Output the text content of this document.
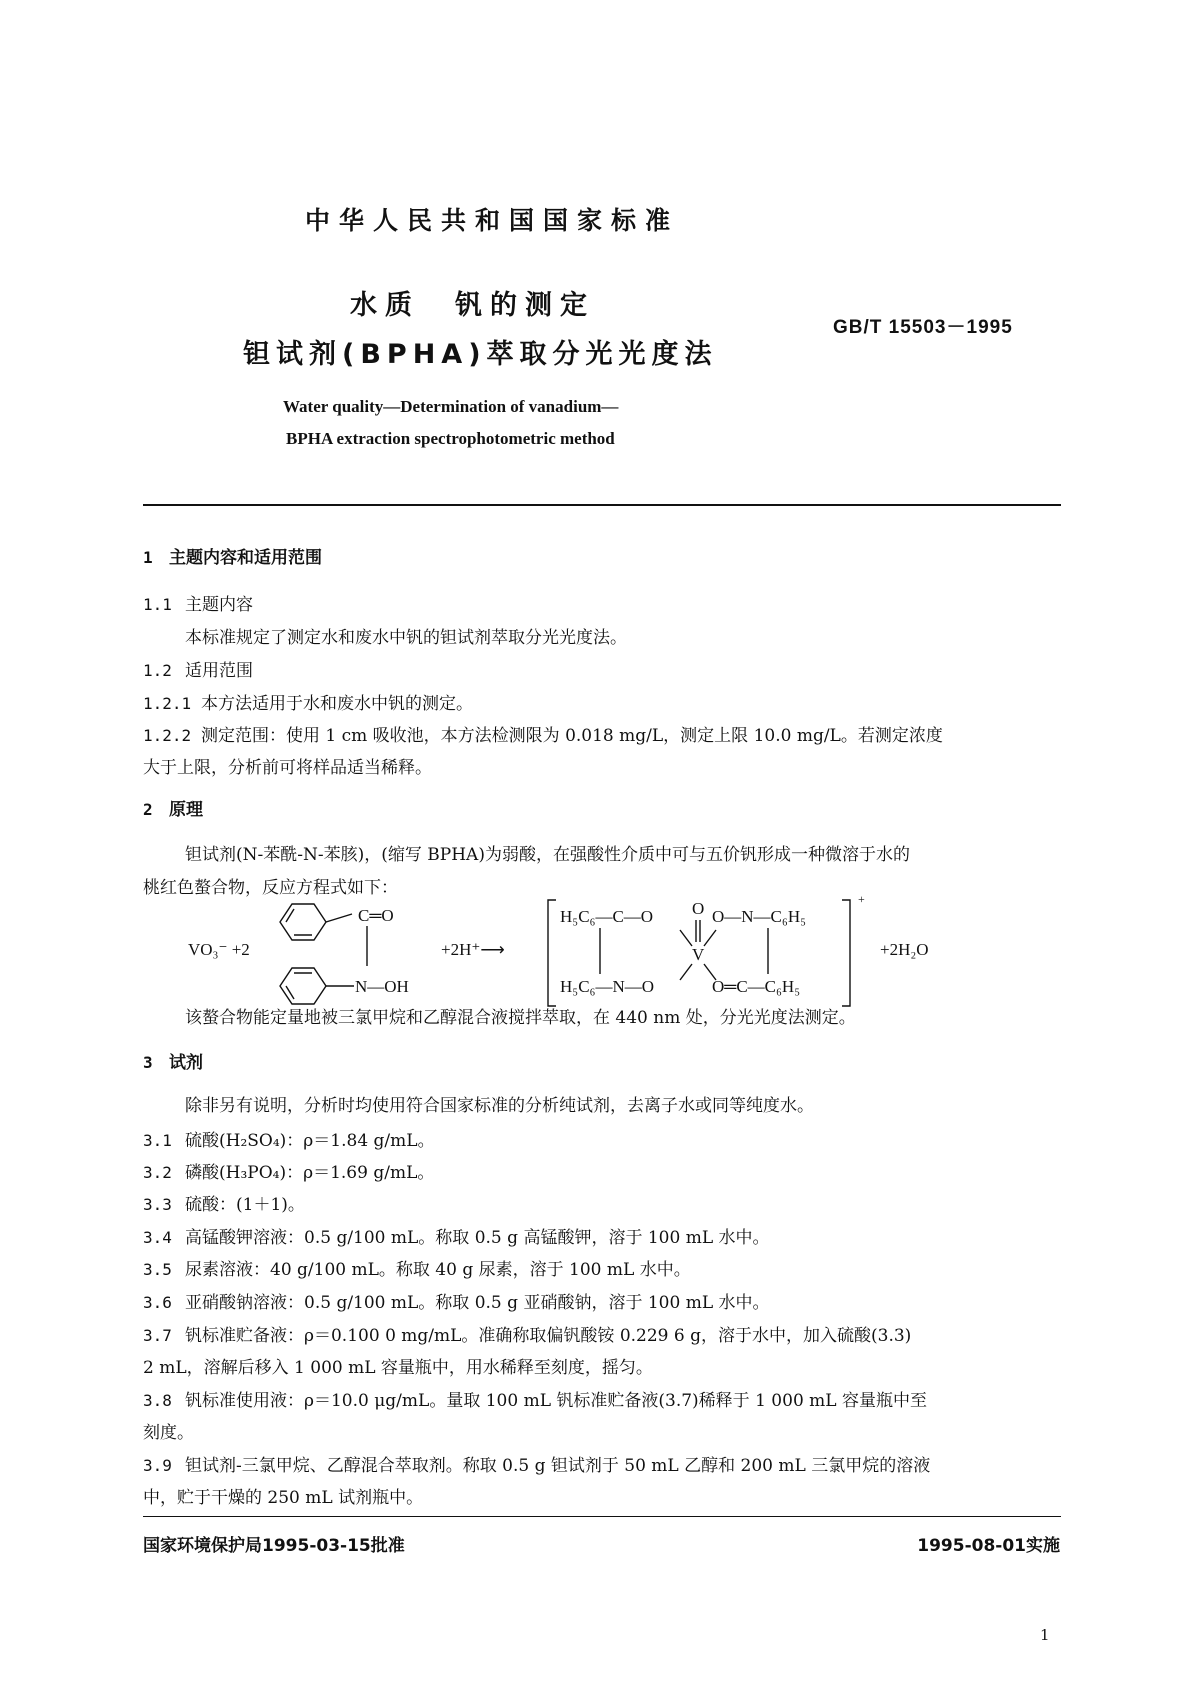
中华人民共和国国家标准
水质　钒的测定
钽试剂(BPHA)萃取分光光度法
GB/T 15503－1995
Water quality—Determination of vanadium—
BPHA extraction spectrophotometric method
1 主题内容和适用范围
1.1 主题内容
本标准规定了测定水和废水中钒的钽试剂萃取分光光度法。
1.2 适用范围
1.2.1 本方法适用于水和废水中钒的测定。
1.2.2 测定范围：使用 1 cm 吸收池，本方法检测限为 0.018 mg/L，测定上限 10.0 mg/L。若测定浓度
大于上限，分析前可将样品适当稀释。
2 原理
钽试剂(N-苯酰-N-苯胲)，(缩写 BPHA)为弱酸，在强酸性介质中可与五价钒形成一种微溶于水的
桃红色螯合物，反应方程式如下：
VO₃⁻ +2
C═O
N—OH
+2H⁺⟶
H₅C₆—C—O O O—N—C₆H₅
V
H₅C₆—N—O	O═C—C₆H₅
+
+2H₂O
该螯合物能定量地被三氯甲烷和乙醇混合液搅拌萃取，在 440 nm 处，分光光度法测定。
3 试剂
除非另有说明，分析时均使用符合国家标准的分析纯试剂，去离子水或同等纯度水。
3.1 硫酸(H₂SO₄)：ρ＝1.84 g/mL。
3.2 磷酸(H₃PO₄)：ρ＝1.69 g/mL。
3.3 硫酸：(1＋1)。
3.4 高锰酸钾溶液：0.5 g/100 mL。称取 0.5 g 高锰酸钾，溶于 100 mL 水中。
3.5 尿素溶液：40 g/100 mL。称取 40 g 尿素，溶于 100 mL 水中。
3.6 亚硝酸钠溶液：0.5 g/100 mL。称取 0.5 g 亚硝酸钠，溶于 100 mL 水中。
3.7 钒标准贮备液：ρ＝0.100 0 mg/mL。准确称取偏钒酸铵 0.229 6 g，溶于水中，加入硫酸(3.3)
2 mL，溶解后移入 1 000 mL 容量瓶中，用水稀释至刻度，摇匀。
3.8 钒标准使用液：ρ＝10.0 μg/mL。量取 100 mL 钒标准贮备液(3.7)稀释于 1 000 mL 容量瓶中至
刻度。
3.9 钽试剂-三氯甲烷、乙醇混合萃取剂。称取 0.5 g 钽试剂于 50 mL 乙醇和 200 mL 三氯甲烷的溶液
中，贮于干燥的 250 mL 试剂瓶中。
国家环境保护局1995-03-15批准	1995-08-01实施
1
